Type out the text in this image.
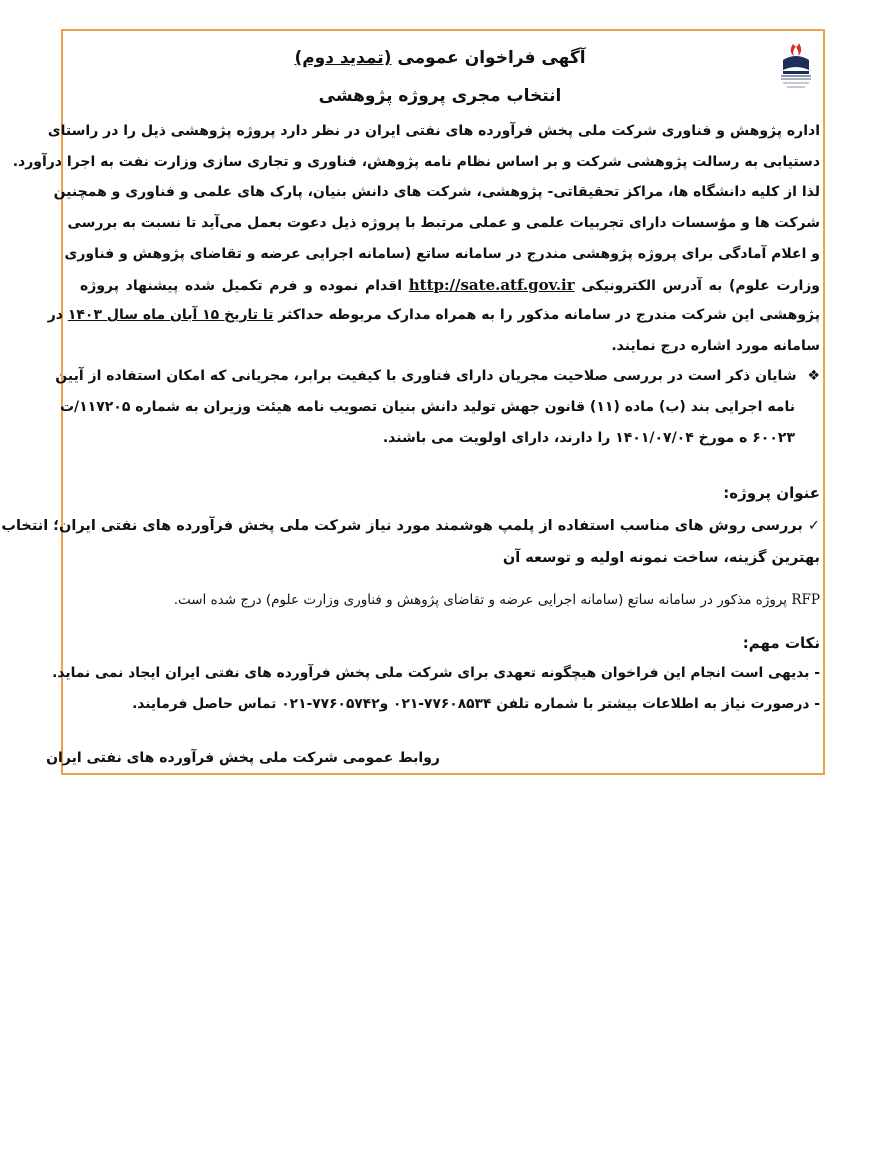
آگهی فراخوان عمومی (تمدید دوم)
انتخاب مجری پروژه پژوهشی
اداره پژوهش و فناوری شرکت ملی پخش فرآورده های نفتی ایران در نظر دارد پروژه پژوهشی ذیل را در راستای
دستیابی به رسالت پژوهشی شرکت و بر اساس نظام نامه پژوهش، فناوری و تجاری سازی وزارت نفت به اجرا درآورد.
لذا از کلیه دانشگاه ها، مراکز تحقیقاتی- پژوهشی، شرکت های دانش بنیان، پارک های علمی و فناوری و همچنین
شرکت ها و مؤسسات دارای تجربیات علمی و عملی مرتبط با پروژه ذیل دعوت بعمل می‌آید تا نسبت به بررسی
و اعلام آمادگی برای پروژه پژوهشی مندرج در سامانه ساتع (سامانه اجرایی عرضه و تقاضای پژوهش و فناوری
وزارت علوم) به آدرس الکترونیکی http://sate.atf.gov.ir اقدام نموده و فرم تکمیل شده پیشنهاد پروژه
پژوهشی این شرکت مندرج در سامانه مذکور را به همراه مدارک مربوطه حداکثر تا تاریخ ۱۵ آبان ماه سال ۱۴۰۳ در
سامانه مورد اشاره درج نمایند.
❖ شایان ذکر است در بررسی صلاحیت مجریان دارای فناوری با کیفیت برابر، مجریانی که امکان استفاده از آیین
نامه اجرایی بند (ب) ماده (۱۱) قانون جهش تولید دانش بنیان تصویب نامه هیئت وزیران به شماره ۱۱۷۲۰۵/ت
۶۰۰۲۳ ه مورخ ۱۴۰۱/۰۷/۰۴ را دارند، دارای اولویت می باشند.
عنوان پروژه:
✓ بررسی روش های مناسب استفاده از پلمپ هوشمند مورد نیاز شرکت ملی پخش فرآورده های نفتی ایران؛ انتخاب
بهترین گزینه، ساخت نمونه اولیه و توسعه آن
RFP پروژه مذکور در سامانه ساتع (سامانه اجرایی عرضه و تقاضای پژوهش و فناوری وزارت علوم) درج شده است.
نکات مهم:
- بدیهی است انجام این فراخوان هیچگونه تعهدی برای شرکت ملی پخش فرآورده های نفتی ایران ایجاد نمی نماید.
- درصورت نیاز به اطلاعات بیشتر با شماره تلفن ۷۷۶۰۸۵۳۴-۰۲۱ و۷۷۶۰۵۷۴۲-۰۲۱ تماس حاصل فرمایند.
روابط عمومی شرکت ملی پخش فرآورده های نفتی ایران
